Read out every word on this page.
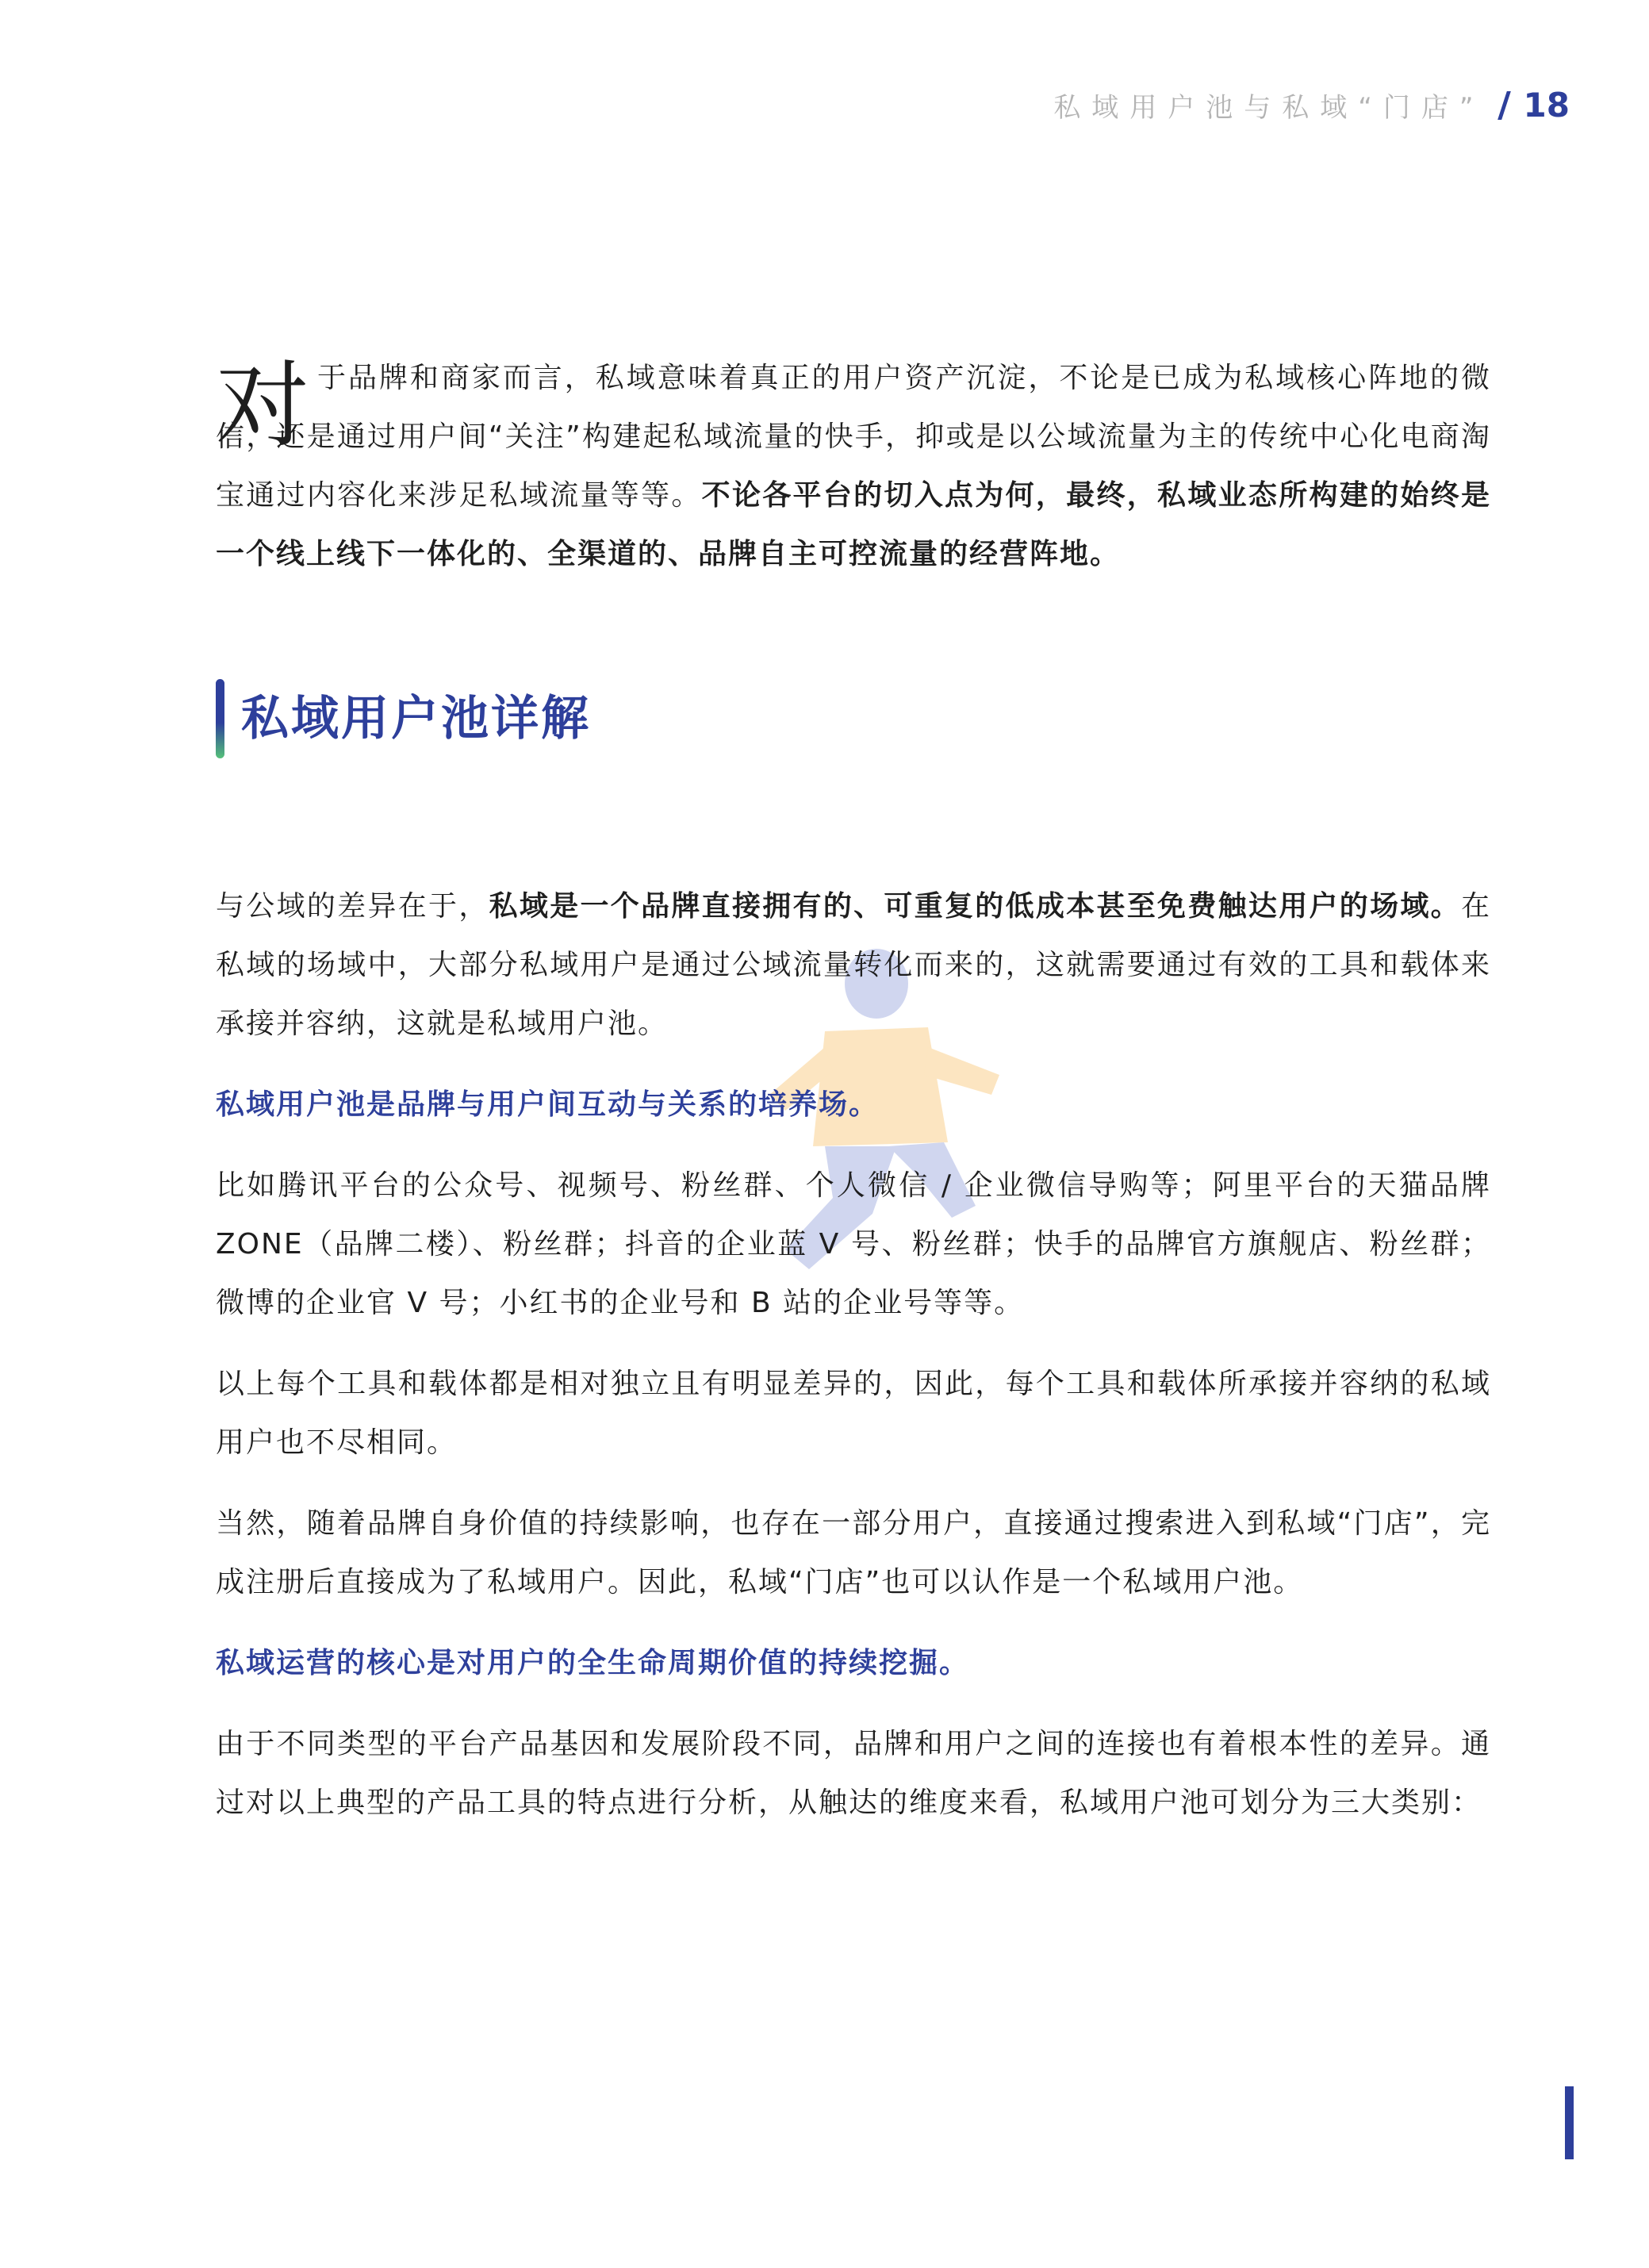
私域用户池与私域“门店” 18

对 于品牌和商家而言，私域意味着真正的用户资产沉淀，不论是已成为私域核心阵地的微信，还是通过用户间“关注”构建起私域流量的快手，抑或是以公域流量为主的传统中心化电商淘宝通过内容化来涉足私域流量等等。不论各平台的切入点为何，最终，私域业态所构建的始终是一个线上线下一体化的、全渠道的、品牌自主可控流量的经营阵地。

私域用户池详解

与公域的差异在于，私域是一个品牌直接拥有的、可重复的低成本甚至免费触达用户的场域。在私域的场域中，大部分私域用户是通过公域流量转化而来的，这就需要通过有效的工具和载体来承接并容纳，这就是私域用户池。

私域用户池是品牌与用户间互动与关系的培养场。

比如腾讯平台的公众号、视频号、粉丝群、个人微信 / 企业微信导购等；阿里平台的天猫品牌ZONE（品牌二楼）、粉丝群；抖音的企业蓝 V 号、粉丝群；快手的品牌官方旗舰店、粉丝群；微博的企业官 V 号；小红书的企业号和 B 站的企业号等等。

以上每个工具和载体都是相对独立且有明显差异的，因此，每个工具和载体所承接并容纳的私域用户也不尽相同。

当然，随着品牌自身价值的持续影响，也存在一部分用户，直接通过搜索进入到私域“门店”，完成注册后直接成为了私域用户。因此，私域“门店”也可以认作是一个私域用户池。

私域运营的核心是对用户的全生命周期价值的持续挖掘。

由于不同类型的平台产品基因和发展阶段不同，品牌和用户之间的连接也有着根本性的差异。通过对以上典型的产品工具的特点进行分析，从触达的维度来看，私域用户池可划分为三大类别：
